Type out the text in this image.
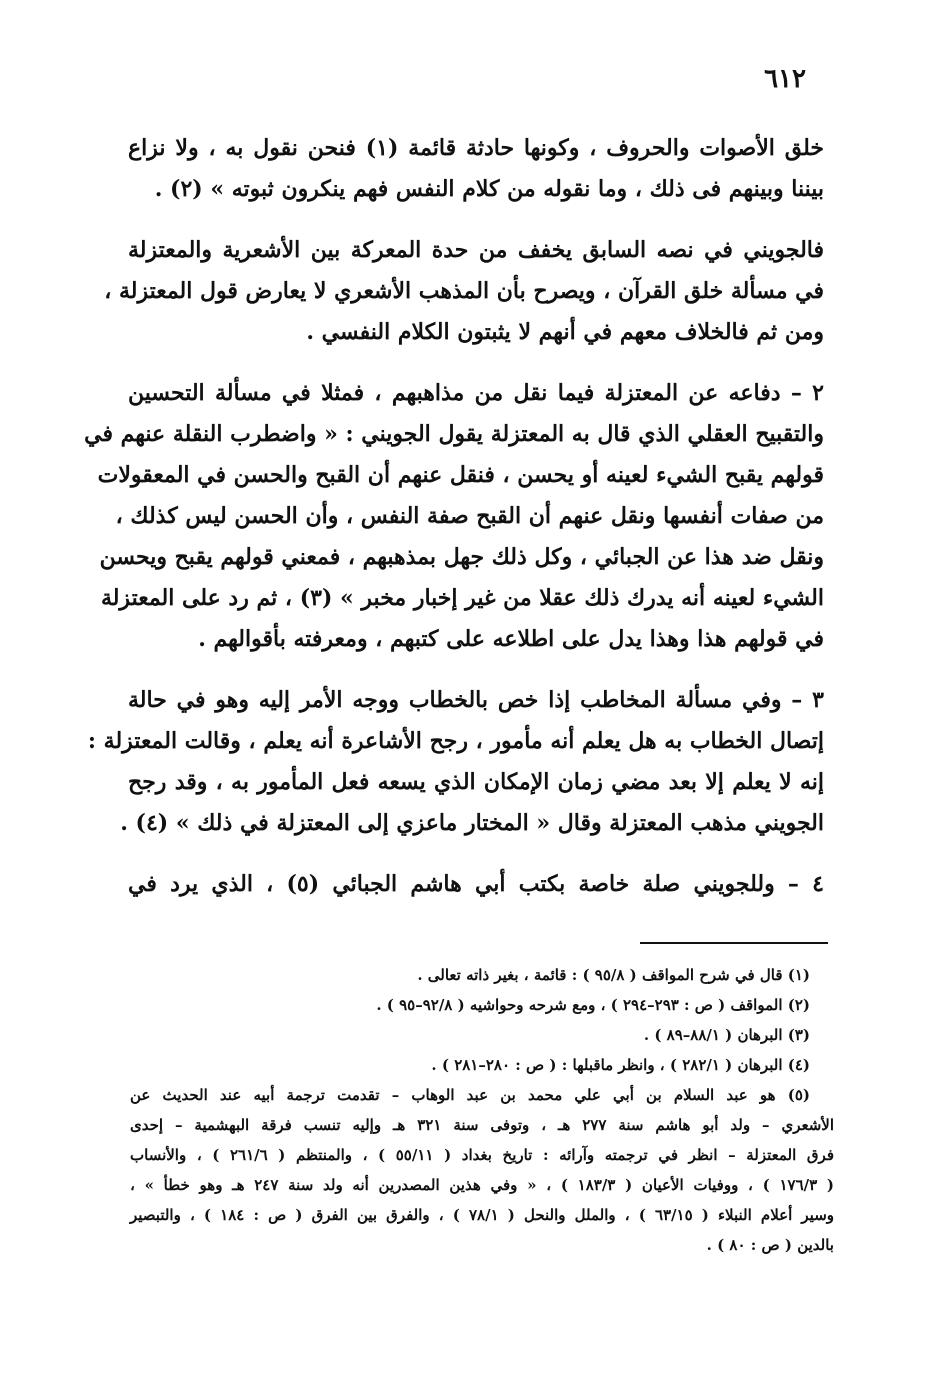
٦١٢
خلق الأصوات والحروف ، وكونها حادثة قائمة (١) فنحن نقول به ، ولا نزاع
بيننا وبينهم فى ذلك ، وما نقوله من كلام النفس فهم ينكرون ثبوته » (٢) .
فالجويني في نصه السابق يخفف من حدة المعركة بين الأشعرية والمعتزلة
في مسألة خلق القرآن ، ويصرح بأن المذهب الأشعري لا يعارض قول المعتزلة ،
ومن ثم فالخلاف معهم في أنهم لا يثبتون الكلام النفسي .
٢ – دفاعه عن المعتزلة فيما نقل من مذاهبهم ، فمثلا في مسألة التحسين
والتقبيح العقلي الذي قال به المعتزلة يقول الجويني : « واضطرب النقلة عنهم في
قولهم يقبح الشيء لعينه أو يحسن ، فنقل عنهم أن القبح والحسن في المعقولات
من صفات أنفسها ونقل عنهم أن القبح صفة النفس ، وأن الحسن ليس كذلك ،
ونقل ضد هذا عن الجبائي ، وكل ذلك جهل بمذهبهم ، فمعني قولهم يقبح ويحسن
الشيء لعينه أنه يدرك ذلك عقلا من غير إخبار مخبر » (٣) ، ثم رد على المعتزلة
في قولهم هذا وهذا يدل على اطلاعه على كتبهم ، ومعرفته بأقوالهم .
٣ – وفي مسألة المخاطب إذا خص بالخطاب ووجه الأمر إليه وهو في حالة
إتصال الخطاب به هل يعلم أنه مأمور ، رجح الأشاعرة أنه يعلم ، وقالت المعتزلة :
إنه لا يعلم إلا بعد مضي زمان الإمكان الذي يسعه فعل المأمور به ، وقد رجح
الجويني مذهب المعتزلة وقال « المختار ماعزي إلى المعتزلة في ذلك » (٤) .
٤ – وللجويني صلة خاصة بكتب أبي هاشم الجبائي (٥) ، الذي يرد في
(١) قال في شرح المواقف ( ٩٥/٨ ) : قائمة ، بغير ذاته تعالى .
(٢) المواقف ( ص : ٢٩٣–٢٩٤ ) ، ومع شرحه وحواشيه ( ٩٢/٨–٩٥ ) .
(٣) البرهان ( ٨٨/١–٨٩ ) .
(٤) البرهان ( ٢٨٢/١ ) ، وانظر ماقبلها : ( ص : ٢٨٠–٢٨١ ) .
(٥) هو عبد السلام بن أبي علي محمد بن عبد الوهاب – تقدمت ترجمة أبيه عند الحديث عن
الأشعري – ولد أبو هاشم سنة ٢٧٧ هـ ، وتوفى سنة ٣٢١ هـ وإليه تنسب فرقة البهشمية – إحدى
فرق المعتزلة – انظر في ترجمته وآرائه : تاريخ بغداد ( ٥٥/١١ ) ، والمنتظم ( ٢٦١/٦ ) ، والأنساب
( ١٧٦/٣ ) ، ووفيات الأعيان ( ١٨٣/٣ ) ، « وفي هذين المصدرين أنه ولد سنة ٢٤٧ هـ وهو خطأ » ،
وسير أعلام النبلاء ( ٦٣/١٥ ) ، والملل والنحل ( ٧٨/١ ) ، والفرق بين الفرق ( ص : ١٨٤ ) ، والتبصير
بالدين ( ص : ٨٠ ) .
